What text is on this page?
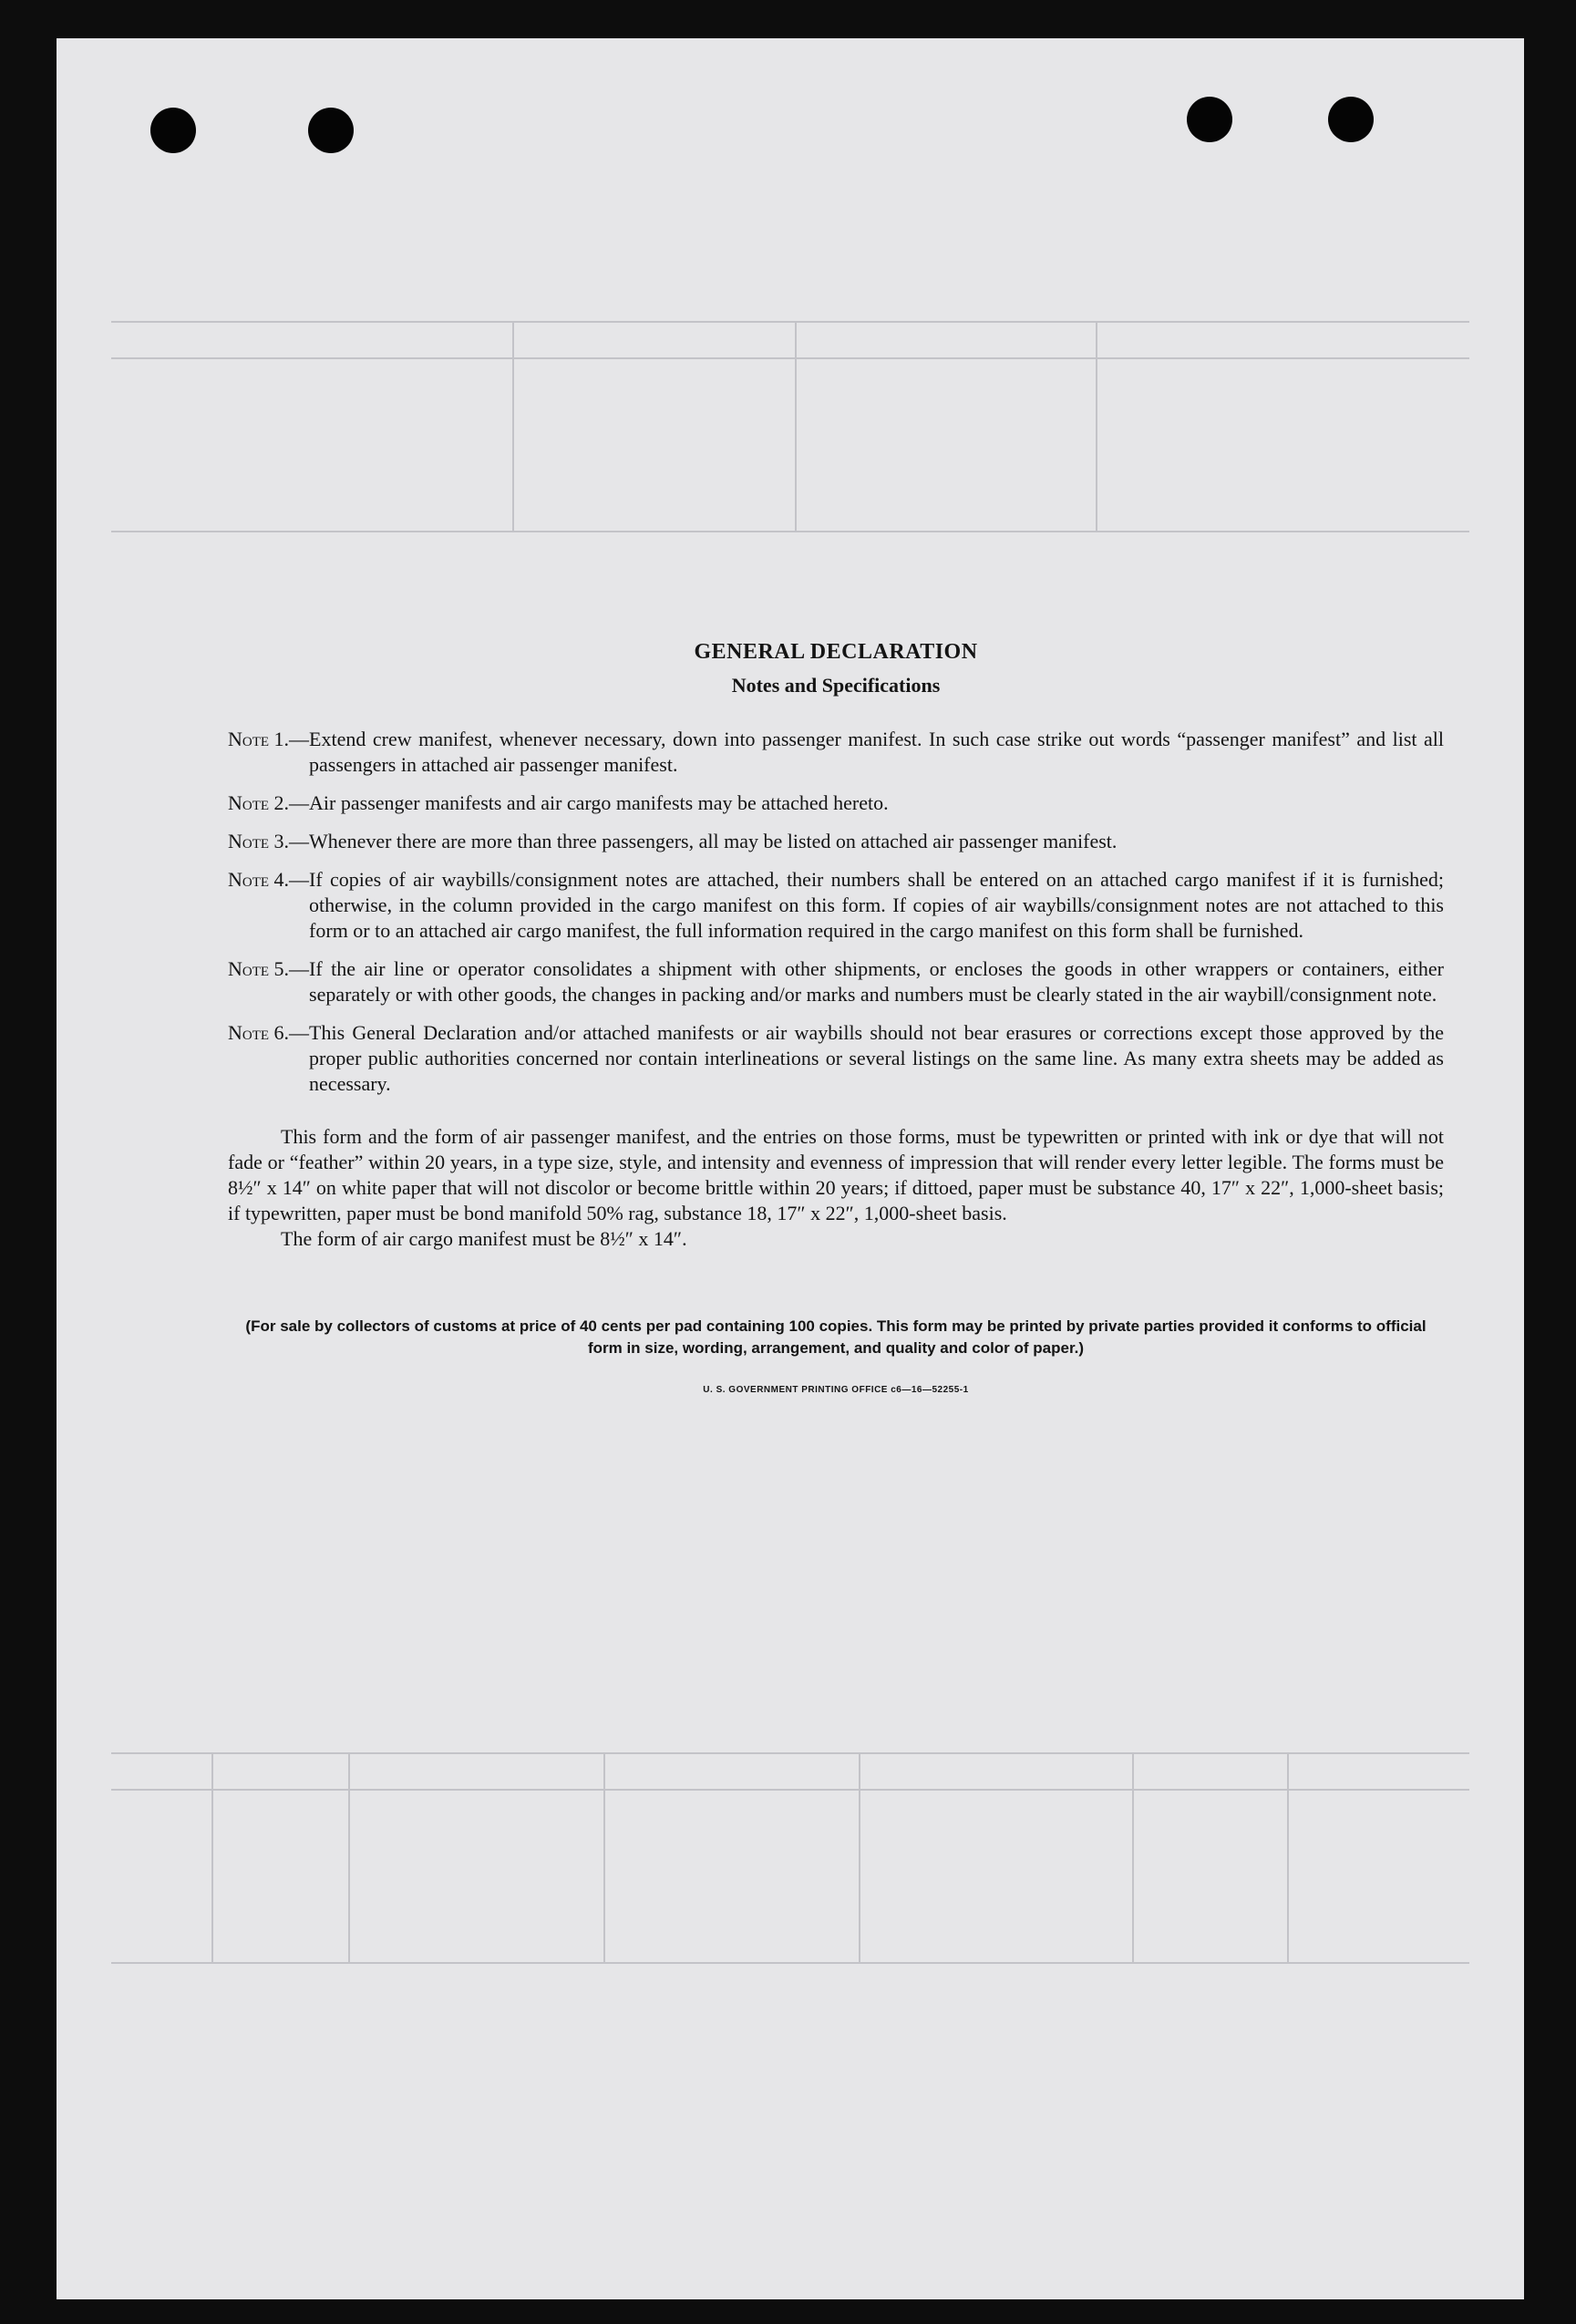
GENERAL DECLARATION
Notes and Specifications
Note 1.— Extend crew manifest, whenever necessary, down into passenger manifest. In such case strike out words “passenger manifest” and list all passengers in attached air passenger manifest.
Note 2.— Air passenger manifests and air cargo manifests may be attached hereto.
Note 3.— Whenever there are more than three passengers, all may be listed on attached air passenger manifest.
Note 4.— If copies of air waybills/consignment notes are attached, their numbers shall be entered on an attached cargo manifest if it is furnished; otherwise, in the column provided in the cargo manifest on this form. If copies of air waybills/consignment notes are not attached to this form or to an attached air cargo manifest, the full information required in the cargo manifest on this form shall be furnished.
Note 5.— If the air line or operator consolidates a shipment with other shipments, or encloses the goods in other wrappers or containers, either separately or with other goods, the changes in packing and/or marks and numbers must be clearly stated in the air waybill/consignment note.
Note 6.— This General Declaration and/or attached manifests or air waybills should not bear erasures or corrections except those approved by the proper public authorities concerned nor contain interlineations or several listings on the same line. As many extra sheets may be added as necessary.

This form and the form of air passenger manifest, and the entries on those forms, must be typewritten or printed with ink or dye that will not fade or “feather” within 20 years, in a type size, style, and intensity and evenness of impression that will render every letter legible. The forms must be 8½″ x 14″ on white paper that will not discolor or become brittle within 20 years; if dittoed, paper must be substance 40, 17″ x 22″, 1,000-sheet basis; if typewritten, paper must be bond manifold 50% rag, substance 18, 17″ x 22″, 1,000-sheet basis.

The form of air cargo manifest must be 8½″ x 14″.

(For sale by collectors of customs at price of 40 cents per pad containing 100 copies. This form may be printed by private parties provided it conforms to official form in size, wording, arrangement, and quality and color of paper.)
U. S. GOVERNMENT PRINTING OFFICE c6—16—52255-1
